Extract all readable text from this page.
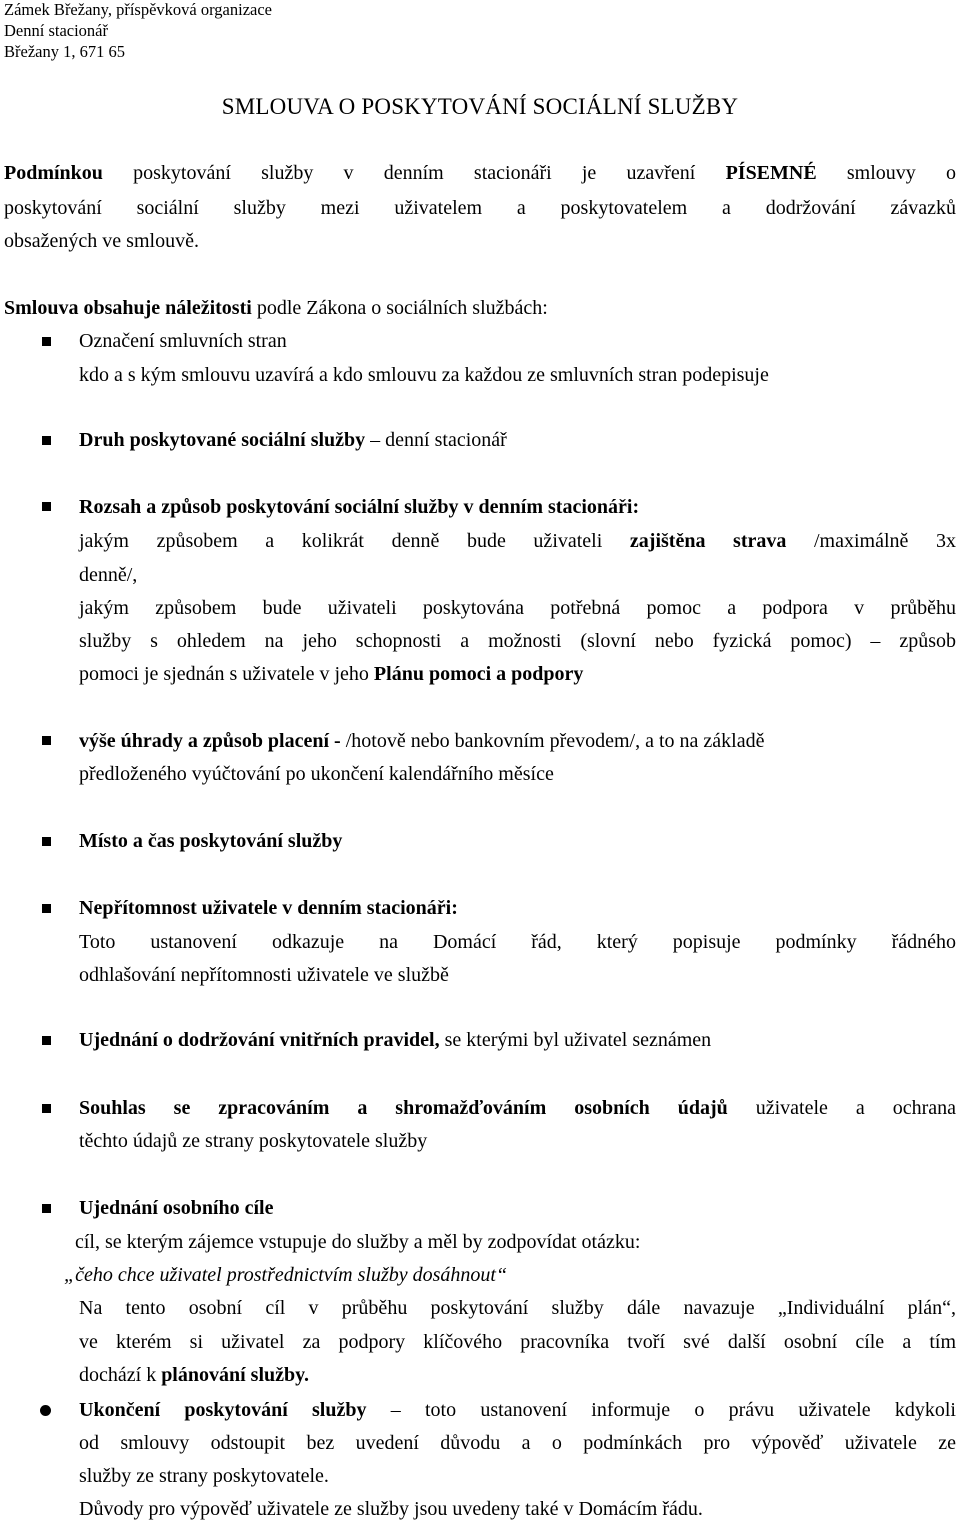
Zámek Břežany, příspěvková organizace
Denní stacionář
Břežany 1, 671 65
SMLOUVA O POSKYTOVÁNÍ SOCIÁLNÍ SLUŽBY
Podmínkou poskytování služby v denním stacionáři je uzavření PÍSEMNÉ smlouvy o
poskytování sociální služby mezi uživatelem a poskytovatelem a dodržování závazků
obsažených ve smlouvě.
Smlouva obsahuje náležitosti podle Zákona o sociálních službách:
Označení smluvních stran
kdo a s kým smlouvu uzavírá a kdo smlouvu za každou ze smluvních stran podepisuje
Druh poskytované sociální služby – denní stacionář
Rozsah a způsob poskytování sociální služby v denním stacionáři:
jakým způsobem a kolikrát denně bude uživateli zajištěna strava /maximálně 3x
denně/,
jakým způsobem bude uživateli poskytována potřebná pomoc a podpora v průběhu
služby s ohledem na jeho schopnosti a možnosti (slovní nebo fyzická pomoc) – způsob
pomoci je sjednán s uživatele v jeho Plánu pomoci a podpory
výše úhrady a způsob placení - /hotově nebo bankovním převodem/, a to na základě
předloženého vyúčtování po ukončení kalendářního měsíce
Místo a čas poskytování služby
Nepřítomnost uživatele v denním stacionáři:
Toto ustanovení odkazuje na Domácí řád, který popisuje podmínky řádného
odhlašování nepřítomnosti uživatele ve službě
Ujednání o dodržování vnitřních pravidel, se kterými byl uživatel seznámen
Souhlas se zpracováním a shromažďováním osobních údajů uživatele a ochrana
těchto údajů ze strany poskytovatele služby
Ujednání osobního cíle
cíl, se kterým zájemce vstupuje do služby a měl by zodpovídat otázku:
„čeho chce uživatel prostřednictvím služby dosáhnout“
Na tento osobní cíl v průběhu poskytování služby dále navazuje „Individuální plán“,
ve kterém si uživatel za podpory klíčového pracovníka tvoří své další osobní cíle a tím
dochází k plánování služby.
Ukončení poskytování služby – toto ustanovení informuje o právu uživatele kdykoli
od smlouvy odstoupit bez uvedení důvodu a o podmínkách pro výpověď uživatele ze
služby ze strany poskytovatele.
Důvody pro výpověď uživatele ze služby jsou uvedeny také v Domácím řádu.
